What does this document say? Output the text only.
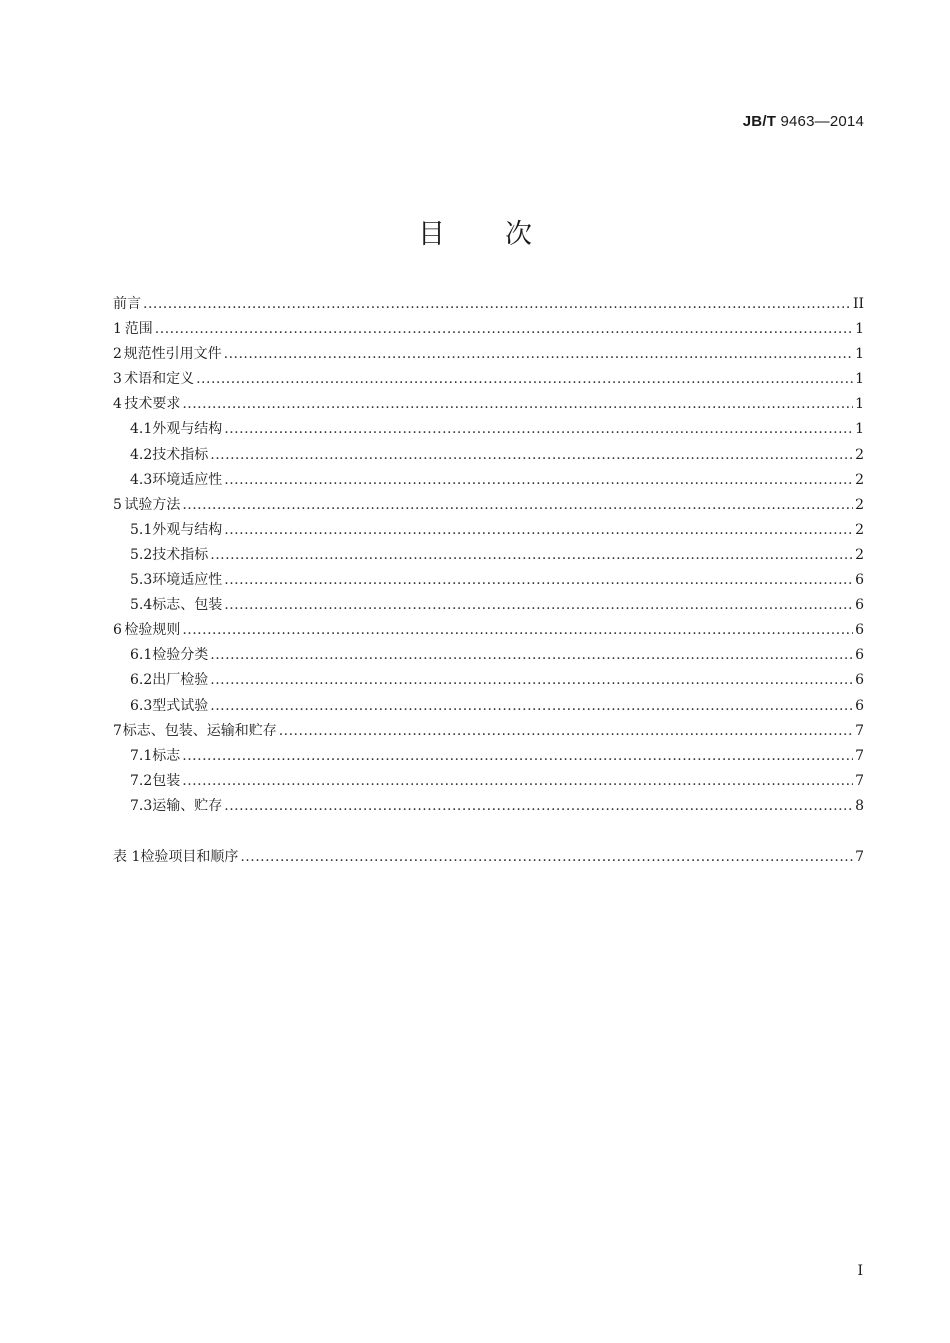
JB/T 9463—2014
目次
前言 .....	II
1 范围 .....	1
2 规范性引用文件 .....	1
3 术语和定义 .....	1
4 技术要求 .....	1
4.1 外观与结构 .....	1
4.2 技术指标 .....	2
4.3 环境适应性 .....	2
5 试验方法 .....	2
5.1 外观与结构 .....	2
5.2 技术指标 .....	2
5.3 环境适应性 .....	6
5.4 标志、包装 .....	6
6 检验规则 .....	6
6.1 检验分类 .....	6
6.2 出厂检验 .....	6
6.3 型式试验 .....	6
7 标志、包装、运输和贮存 .....	7
7.1 标志 .....	7
7.2 包装 .....	7
7.3 运输、贮存 .....	8
表 1 检验项目和顺序 .....	7
I
